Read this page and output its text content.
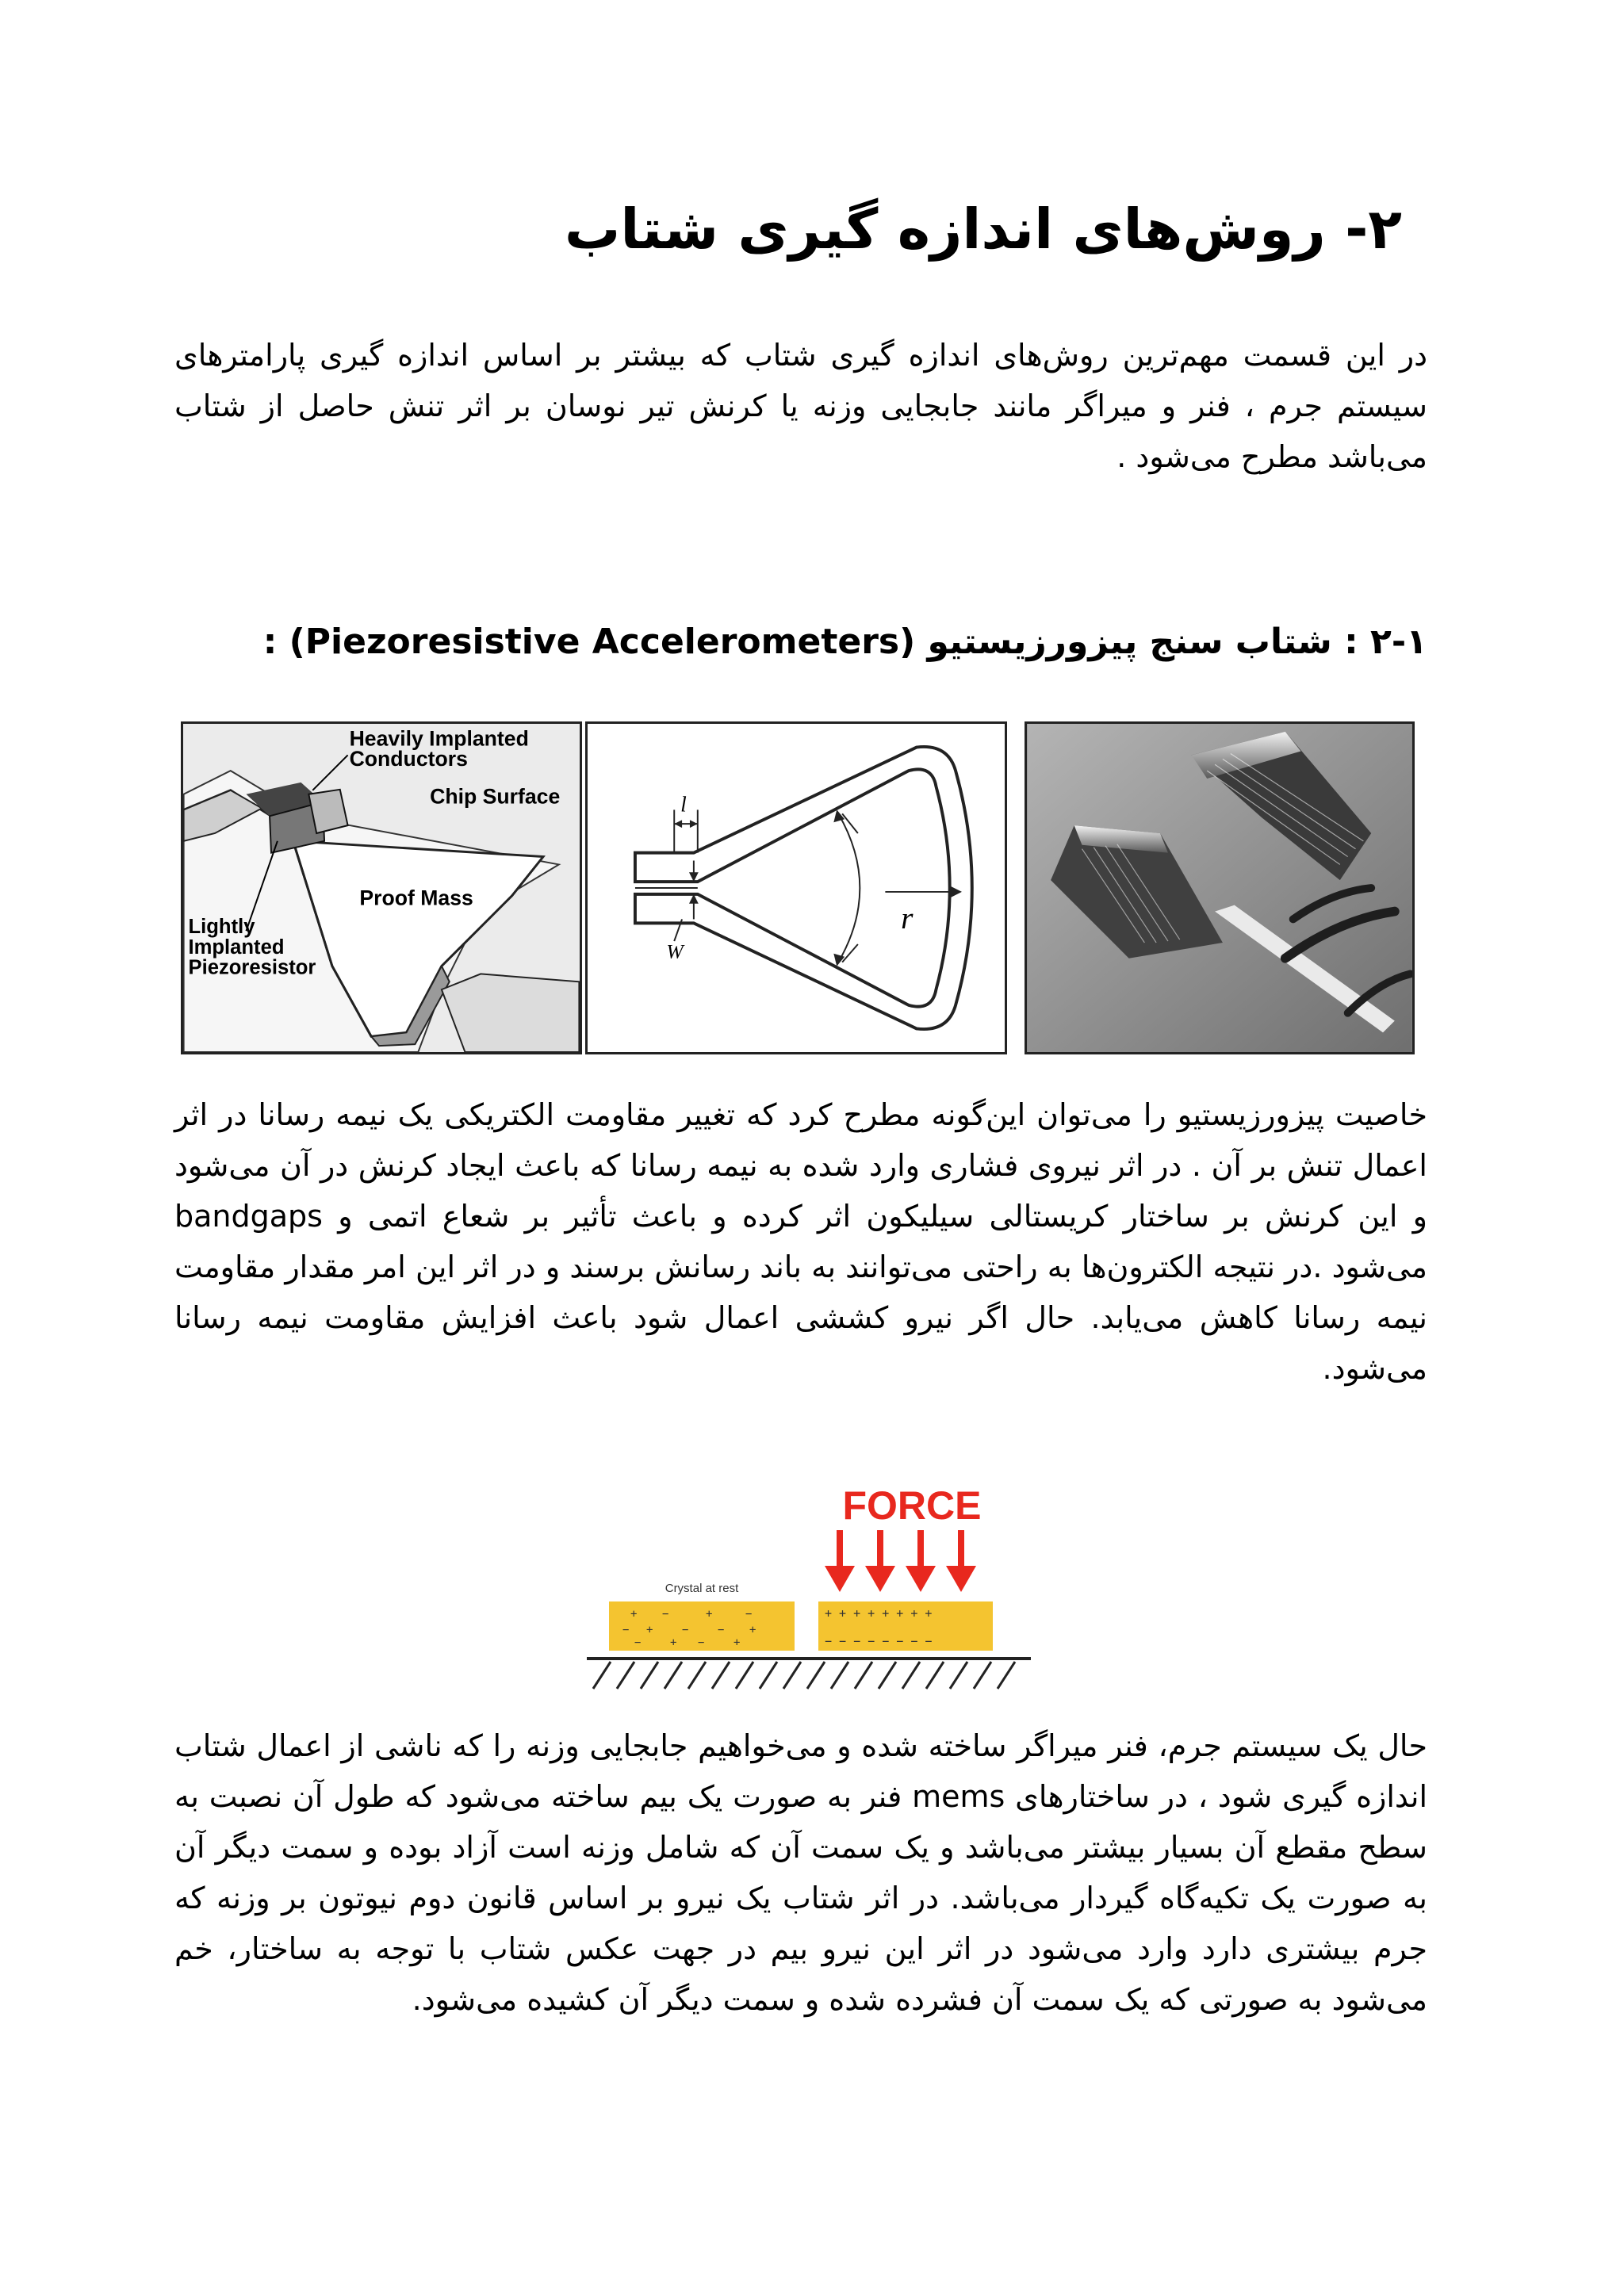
۲- روش‌های اندازه گیری شتاب

در این قسمت مهم‌ترین روش‌های اندازه گیری شتاب که بیشتر بر اساس اندازه گیری پارامترهای سیستم جرم ، فنر و میراگر مانند جابجایی وزنه یا کرنش تیر نوسان بر اثر تنش حاصل از شتاب می‌باشد مطرح می‌شود .

۲-۱ : شتاب سنج پیزورزیستیو (Piezoresistive Accelerometers) :
Heavily Implanted
Conductors
Chip Surface
Proof Mass
Lightly
Implanted
Piezoresistor
l
W
r

خاصیت پیزورزیستیو را می‌توان این‌گونه مطرح کرد که تغییر مقاومت الکتریکی یک نیمه رسانا در اثر اعمال تنش بر آن . در اثر نیروی فشاری وارد شده به نیمه رسانا که باعث ایجاد کرنش در آن می‌شود و این کرنش بر ساختار کریستالی سیلیکون اثر کرده و باعث تأثیر بر شعاع اتمی و bandgaps می‌شود .در نتیجه الکترون‌ها به راحتی می‌توانند به باند رسانش برسند و در اثر این امر مقدار مقاومت نیمه رسانا کاهش می‌یابد. حال اگر نیرو کششی اعمال شود باعث افزایش مقاومت نیمه رسانا می‌شود.

FORCE
Crystal at rest
+ −	+	−
− +	−	− +
−	+ −	+
+ + + + + + + +
− − − − − − − −

حال یک سیستم جرم، فنر میراگر ساخته شده و می‌خواهیم جابجایی وزنه را که ناشی از اعمال شتاب اندازه گیری شود ، در ساختارهای mems فنر به صورت یک بیم ساخته می‌شود که طول آن نصبت به سطح مقطع آن بسیار بیشتر می‌باشد و یک سمت آن که شامل وزنه است آزاد بوده و سمت دیگر آن به صورت یک تکیه‌گاه گیردار می‌باشد. در اثر شتاب یک نیرو بر اساس قانون دوم نیوتون بر وزنه که جرم بیشتری دارد وارد می‌شود در اثر این نیرو بیم در جهت عکس شتاب با توجه به ساختار، خم می‌شود به صورتی که یک سمت آن فشرده شده و سمت دیگر آن کشیده می‌شود.
